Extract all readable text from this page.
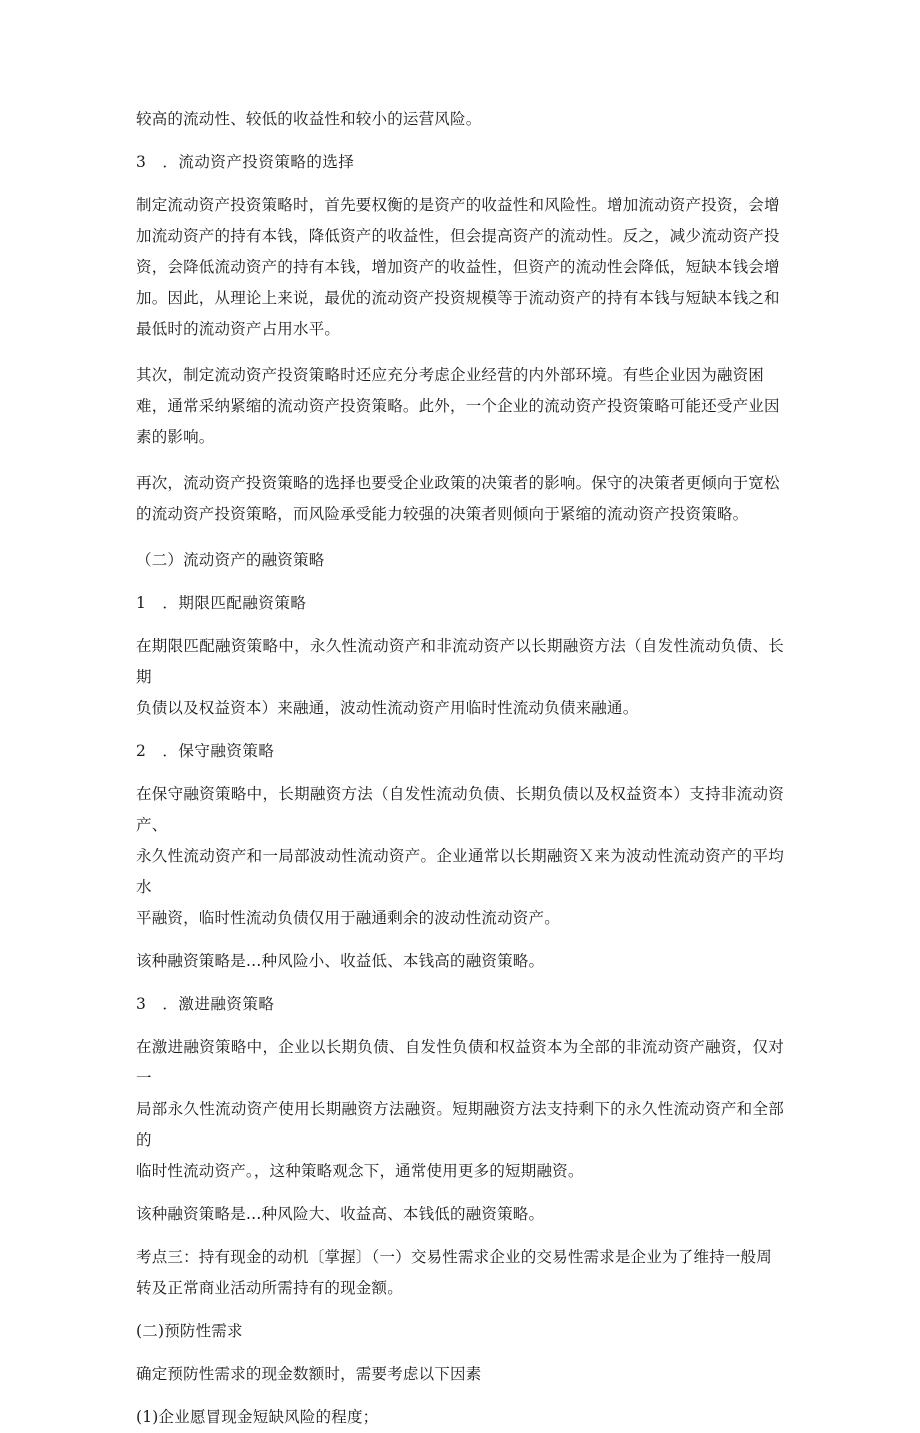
较高的流动性、较低的收益性和较小的运营风险。

3　．流动资产投资策略的选择

制定流动资产投资策略时，首先要权衡的是资产的收益性和风险性。增加流动资产投资，会增
加流动资产的持有本钱，降低资产的收益性，但会提高资产的流动性。反之，减少流动资产投
资，会降低流动资产的持有本钱，增加资产的收益性，但资产的流动性会降低，短缺本钱会增
加。因此，从理论上来说，最优的流动资产投资规模等于流动资产的持有本钱与短缺本钱之和
最低时的流动资产占用水平。

其次，制定流动资产投资策略时还应充分考虑企业经营的内外部环境。有些企业因为融资困
难，通常采纳紧缩的流动资产投资策略。此外，一个企业的流动资产投资策略可能还受产业因
素的影响。

再次，流动资产投资策略的选择也要受企业政策的决策者的影响。保守的决策者更倾向于宽松
的流动资产投资策略，而风险承受能力较强的决策者则倾向于紧缩的流动资产投资策略。

（二）流动资产的融资策略

1　．期限匹配融资策略

在期限匹配融资策略中，永久性流动资产和非流动资产以长期融资方法（自发性流动负债、长期
负债以及权益资本）来融通，波动性流动资产用临时性流动负债来融通。

2　．保守融资策略

在保守融资策略中，长期融资方法（自发性流动负债、长期负债以及权益资本）支持非流动资产、
永久性流动资产和一局部波动性流动资产。企业通常以长期融资Ｘ来为波动性流动资产的平均水
平融资，临时性流动负债仅用于融通剩余的波动性流动资产。

该种融资策略是…种风险小、收益低、本钱高的融资策略。

3　．激进融资策略

在激进融资策略中，企业以长期负债、自发性负债和权益资本为全部的非流动资产融资，仅对一
局部永久性流动资产使用长期融资方法融资。短期融资方法支持剩下的永久性流动资产和全部的
临时性流动资产。，这种策略观念下，通常使用更多的短期融资。

该种融资策略是…种风险大、收益高、本钱低的融资策略。

考点三：持有现金的动机〔掌握〕（一）交易性需求企业的交易性需求是企业为了维持一般周
转及正常商业活动所需持有的现金额。

(二)预防性需求

确定预防性需求的现金数额时，需要考虑以下因素

(1)企业愿冒现金短缺风险的程度；
